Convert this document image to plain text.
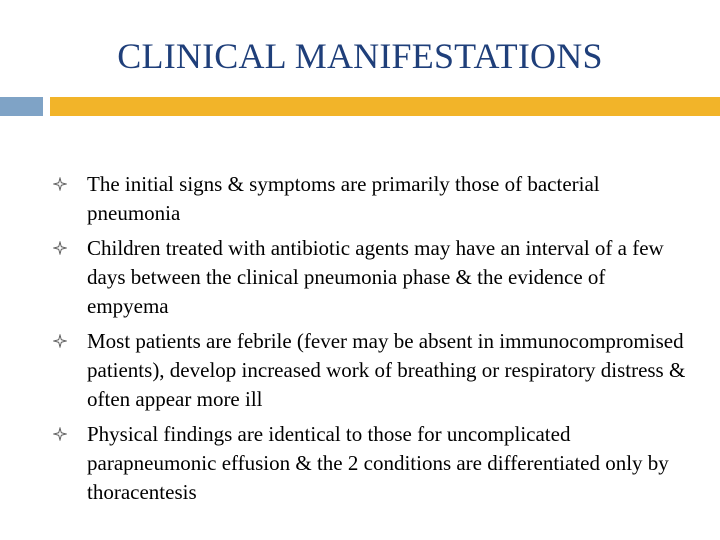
CLINICAL MANIFESTATIONS
The initial signs & symptoms are primarily those of bacterial pneumonia
Children treated with antibiotic agents may have an interval of a few days between the clinical pneumonia phase & the evidence of empyema
Most patients are febrile (fever may be absent in immunocompromised patients), develop increased work of breathing or respiratory distress & often appear more ill
Physical findings are identical to those for uncomplicated parapneumonic effusion & the 2 conditions are differentiated only by thoracentesis
